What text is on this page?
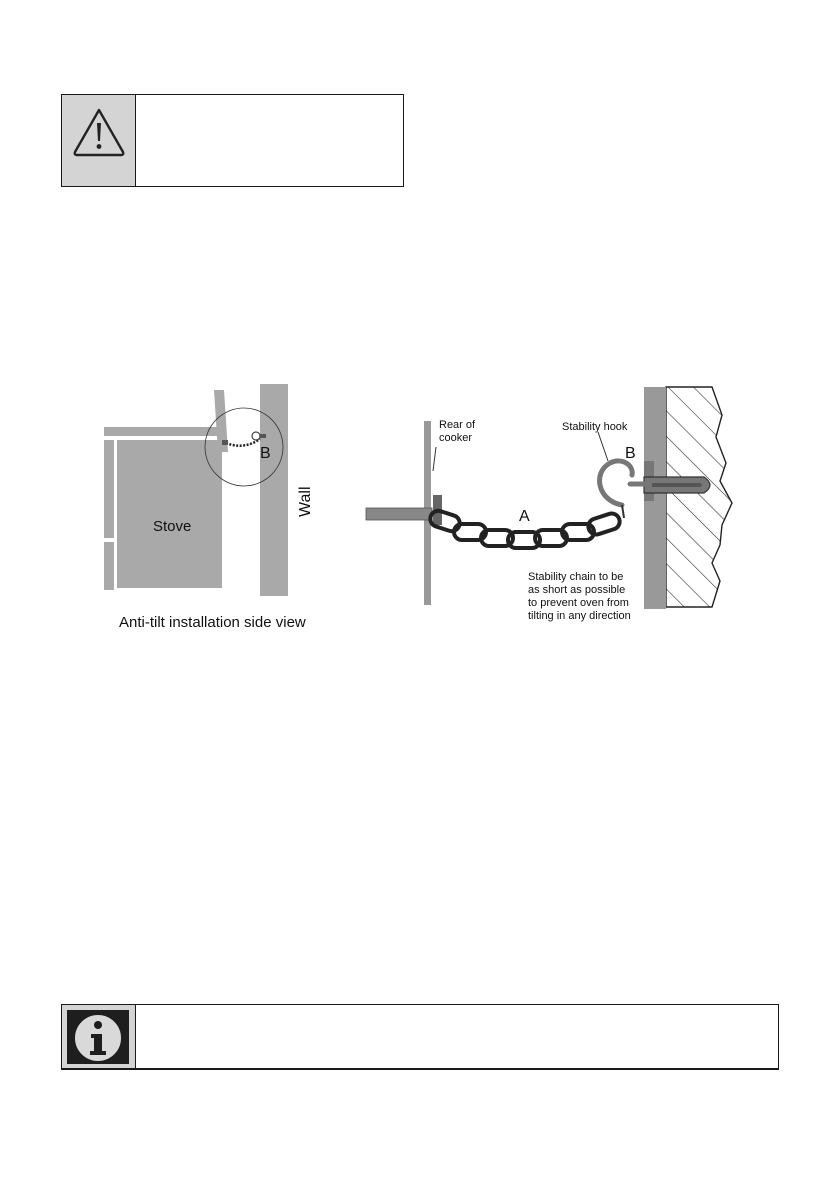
B
Stove
Wall
Anti-tilt installation side view
Rear of
cooker
Stability hook
B
A
Stability chain to be
as short as possible
to prevent oven from
tilting in any direction
